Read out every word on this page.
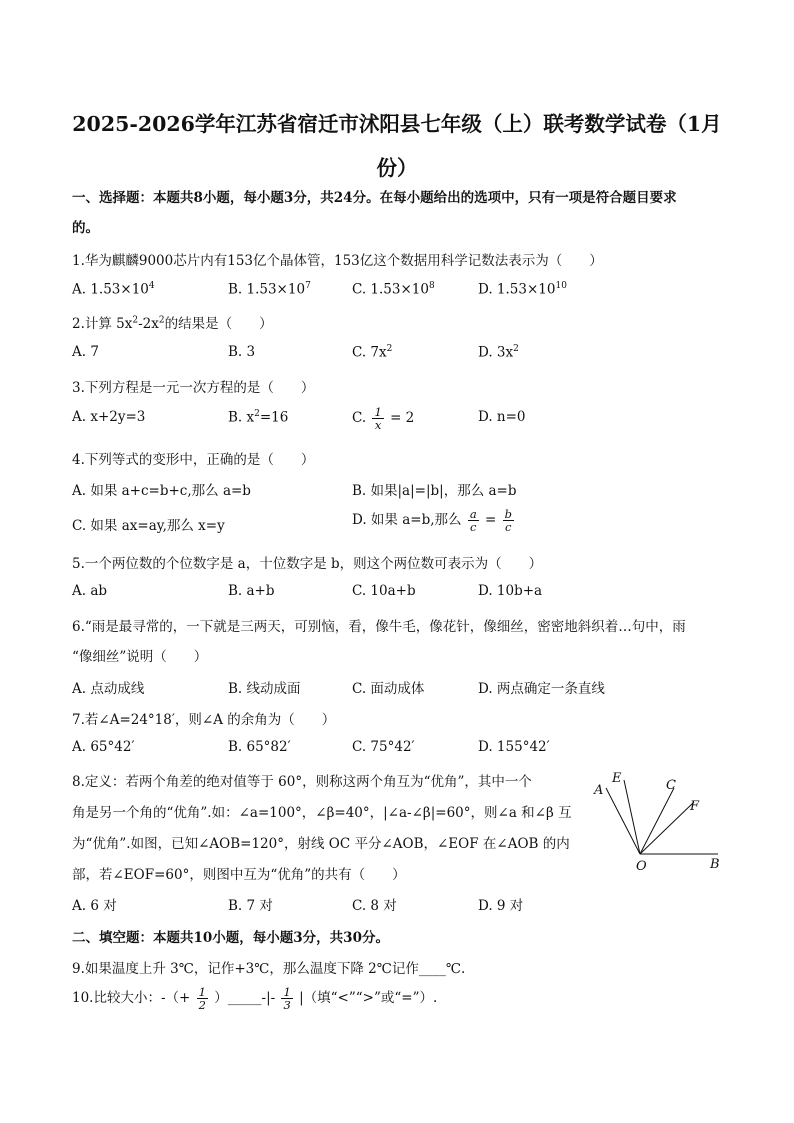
2025-2026学年江苏省宿迁市沭阳县七年级（上）联考数学试卷（1月
份）
一、选择题：本题共8小题，每小题3分，共24分。在每小题给出的选项中，只有一项是符合题目要求
的。
1.华为麒麟9000芯片内有153亿个晶体管，153亿这个数据用科学记数法表示为（　　）
A. $1.53\times 10^4$	B. $1.53\times 10^7$	C. $1.53\times 10^8$	D. $1.53\times 10^{10}$
2.计算 $5x^2-2x^2$的结果是（　　）
A. 7	B. 3	C. $7x^2$	D. $3x^2$
3.下列方程是一元一次方程的是（　　）
A. x+2y=3	B. $x^2=16$	C. $\frac{1}{x} = 2$	D. n=0
4.下列等式的变形中，正确的是（　　）
A. 如果 a+c=b+c,那么 a=b	B. 如果|a|=|b|，那么 a=b
C. 如果 ax=ay,那么 x=y	D. 如果 a=b,那么 $\frac{a}{c} = \frac{b}{c}$
5.一个两位数的个位数字是 a，十位数字是 b，则这个两位数可表示为（　　）
A. ab	B. a+b	C. 10a+b	D. 10b+a
6.“雨是最寻常的，一下就是三两天，可别恼，看，像牛毛，像花针，像细丝，密密地斜织着…句中，雨
“像细丝”说明（　　）
A. 点动成线	B. 线动成面	C. 面动成体	D. 两点确定一条直线
7.若∠A=24°18′，则∠A 的余角为（　　）
A. 65°42′	B. 65°82′	C. 75°42′	D. 155°42′
8.定义：若两个角差的绝对值等于 60°，则称这两个角互为“优角”，其中一个
角是另一个角的“优角”.如：∠a=100°，∠β=40°，|∠a-∠β|=60°，则∠a 和∠β 互
为“优角”.如图，已知∠AOB=120°，射线 OC 平分∠AOB，∠EOF 在∠AOB 的内
部，若∠EOF=60°，则图中互为“优角”的共有（　　）
A
E	C
F
O	B
A. 6 对	B. 7 对	C. 8 对	D. 9 对
二、填空题：本题共10小题，每小题3分，共30分。
9.如果温度上升 3℃，记作+3℃，那么温度下降 2℃记作____℃.
10.比较大小：-（+ $\frac{1}{2}$ ）_____-|- $\frac{1}{3}$ |（填“<”“>”或“=”）.
